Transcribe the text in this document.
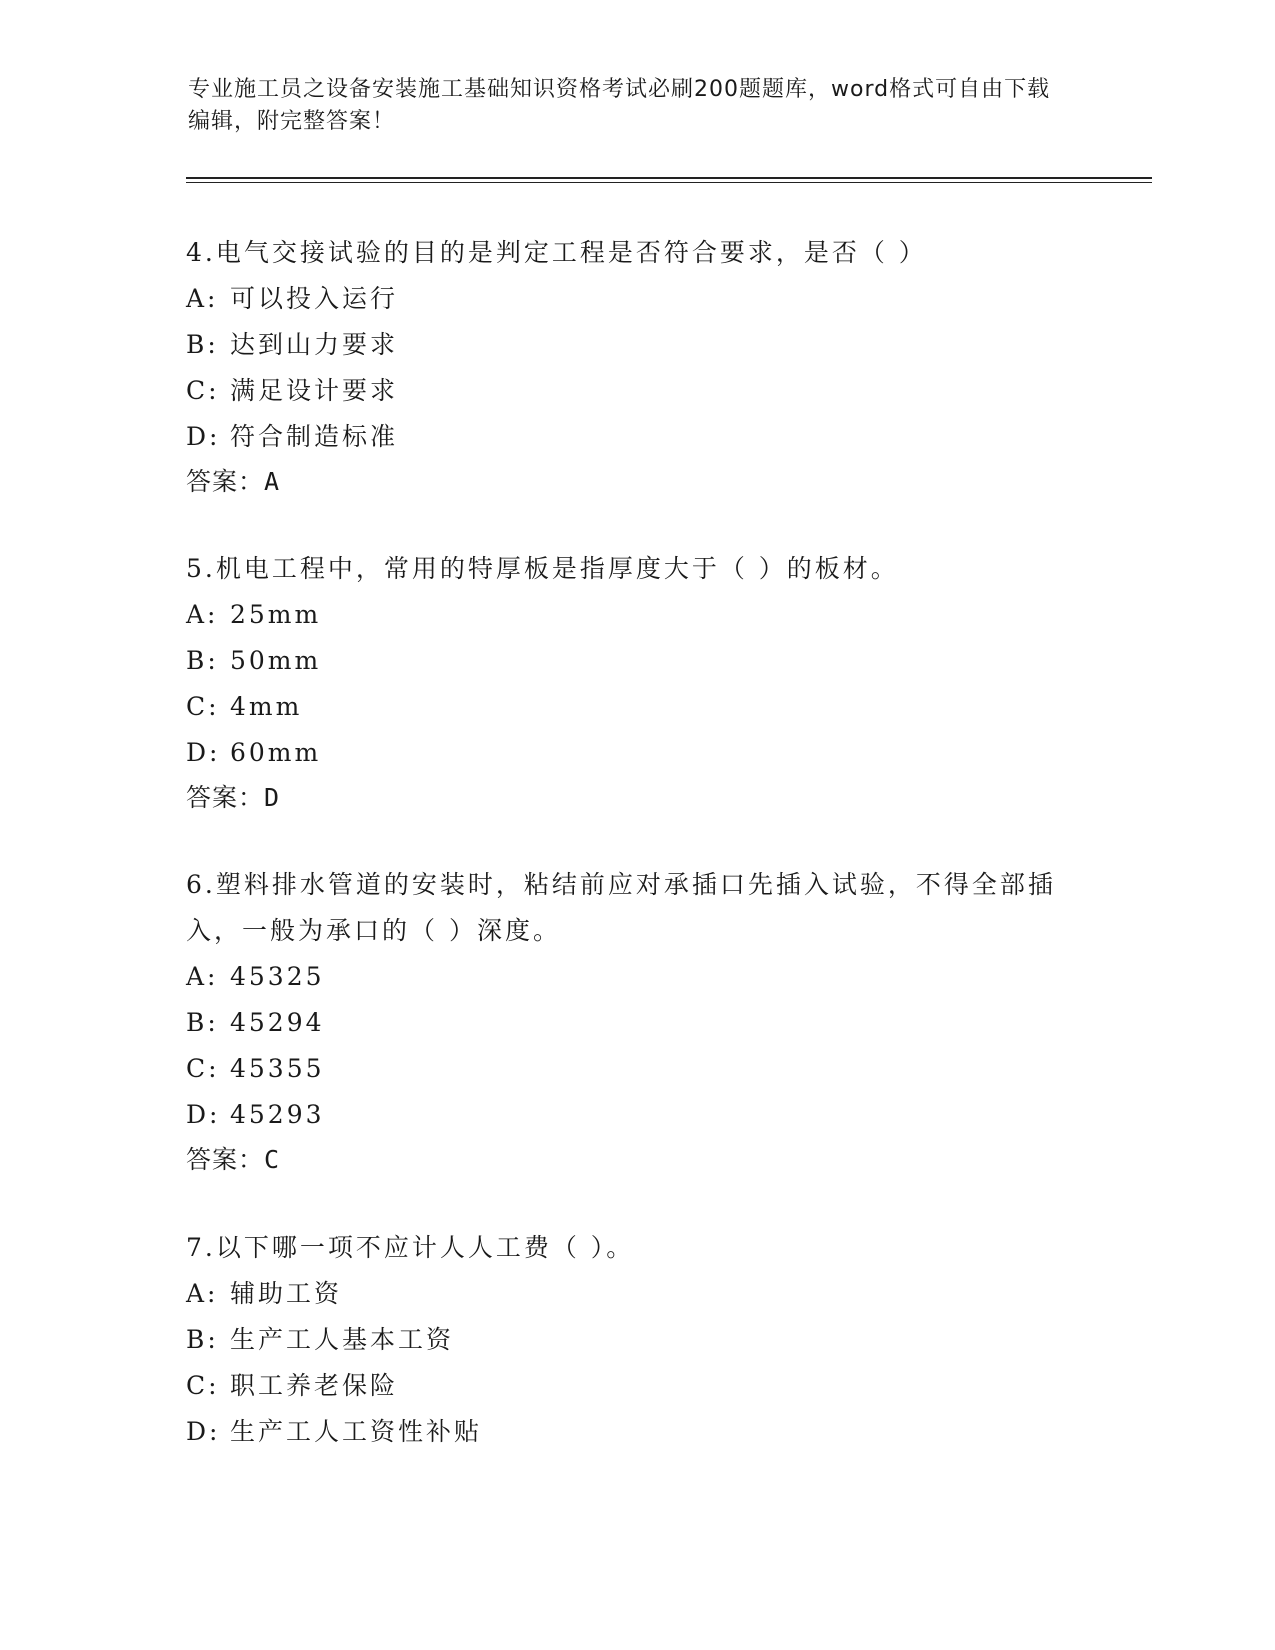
专业施工员之设备安装施工基础知识资格考试必刷200题题库，word格式可自由下载编辑，附完整答案！

4.电气交接试验的目的是判定工程是否符合要求，是否（ ）

A: 可以投入运行

B: 达到山力要求

C: 满足设计要求

D: 符合制造标准

答案：A

5.机电工程中，常用的特厚板是指厚度大于（ ）的板材。

A: 25mm

B: 50mm

C: 4mm

D: 60mm

答案：D

6.塑料排水管道的安装时，粘结前应对承插口先插入试验，不得全部插入，一般为承口的（ ）深度。

A: 45325

B: 45294

C: 45355

D: 45293

答案：C

7.以下哪一项不应计人人工费（ ）。

A: 辅助工资

B: 生产工人基本工资

C: 职工养老保险

D: 生产工人工资性补贴
